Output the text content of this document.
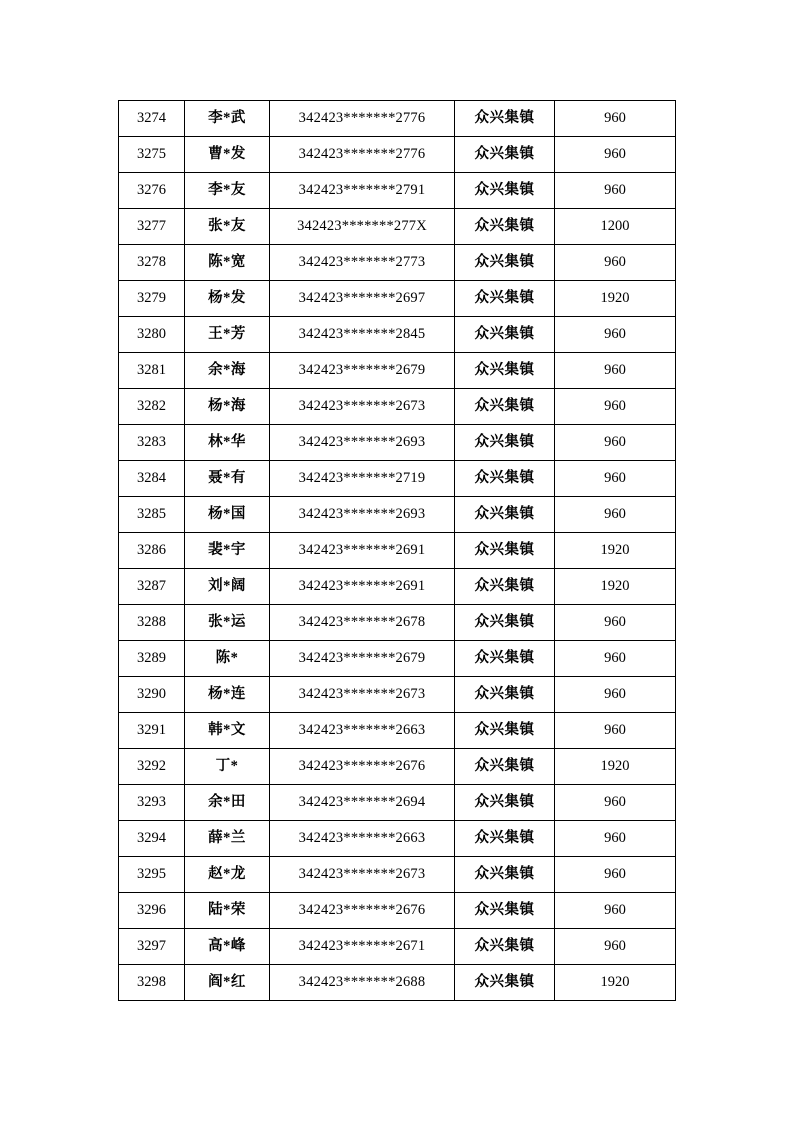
3274	李*武	342423*******2776	众兴集镇	960
3275	曹*发	342423*******2776	众兴集镇	960
3276	李*友	342423*******2791	众兴集镇	960
3277	张*友	342423*******277X	众兴集镇	1200
3278	陈*宽	342423*******2773	众兴集镇	960
3279	杨*发	342423*******2697	众兴集镇	1920
3280	王*芳	342423*******2845	众兴集镇	960
3281	余*海	342423*******2679	众兴集镇	960
3282	杨*海	342423*******2673	众兴集镇	960
3283	林*华	342423*******2693	众兴集镇	960
3284	聂*有	342423*******2719	众兴集镇	960
3285	杨*国	342423*******2693	众兴集镇	960
3286	裴*宇	342423*******2691	众兴集镇	1920
3287	刘*阔	342423*******2691	众兴集镇	1920
3288	张*运	342423*******2678	众兴集镇	960
3289	陈*	342423*******2679	众兴集镇	960
3290	杨*连	342423*******2673	众兴集镇	960
3291	韩*文	342423*******2663	众兴集镇	960
3292	丁*	342423*******2676	众兴集镇	1920
3293	余*田	342423*******2694	众兴集镇	960
3294	薛*兰	342423*******2663	众兴集镇	960
3295	赵*龙	342423*******2673	众兴集镇	960
3296	陆*荣	342423*******2676	众兴集镇	960
3297	高*峰	342423*******2671	众兴集镇	960
3298	阎*红	342423*******2688	众兴集镇	1920
